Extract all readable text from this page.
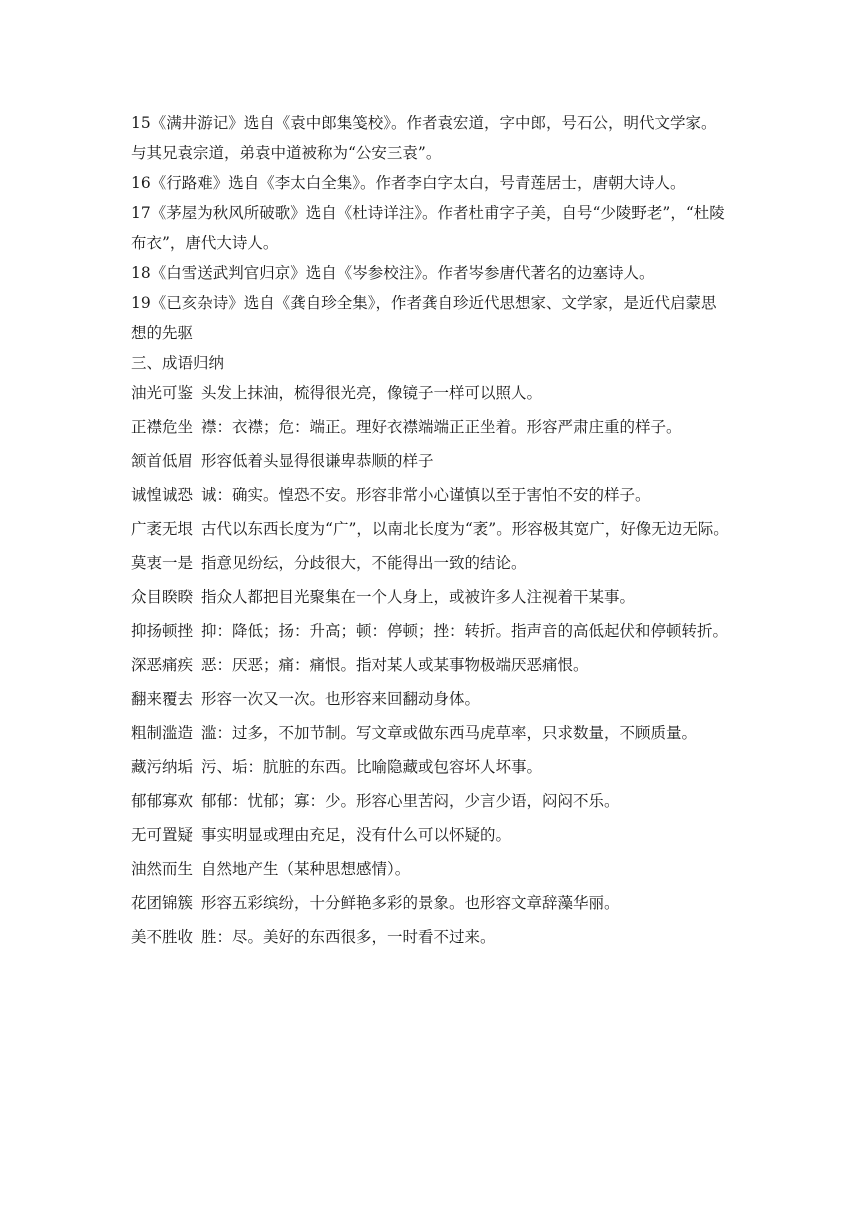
15《满井游记》选自《袁中郎集笺校》。作者袁宏道，字中郎，号石公，明代文学家。与其兄袁宗道，弟袁中道被称为“公安三袁”。

16《行路难》选自《李太白全集》。作者李白字太白，号青莲居士，唐朝大诗人。

17《茅屋为秋风所破歌》选自《杜诗详注》。作者杜甫字子美，自号“少陵野老”，“杜陵布衣”，唐代大诗人。

18《白雪送武判官归京》选自《岑参校注》。作者岑参唐代著名的边塞诗人。

19《已亥杂诗》选自《龚自珍全集》，作者龚自珍近代思想家、文学家，是近代启蒙思想的先驱

三、成语归纳

油光可鉴 头发上抹油，梳得很光亮，像镜子一样可以照人。

正襟危坐 襟：衣襟；危：端正。理好衣襟端端正正坐着。形容严肃庄重的样子。

颔首低眉 形容低着头显得很谦卑恭顺的样子

诚惶诚恐 诚：确实。惶恐不安。形容非常小心谨慎以至于害怕不安的样子。

广袤无垠 古代以东西长度为“广”，以南北长度为“袤”。形容极其宽广，好像无边无际。

莫衷一是 指意见纷纭，分歧很大，不能得出一致的结论。

众目睽睽 指众人都把目光聚集在一个人身上，或被许多人注视着干某事。

抑扬顿挫 抑：降低；扬：升高；顿：停顿；挫：转折。指声音的高低起伏和停顿转折。

深恶痛疾 恶：厌恶；痛：痛恨。指对某人或某事物极端厌恶痛恨。

翻来覆去 形容一次又一次。也形容来回翻动身体。

粗制滥造 滥：过多，不加节制。写文章或做东西马虎草率，只求数量，不顾质量。

藏污纳垢 污、垢：肮脏的东西。比喻隐藏或包容坏人坏事。

郁郁寡欢 郁郁：忧郁；寡：少。形容心里苦闷，少言少语，闷闷不乐。

无可置疑 事实明显或理由充足，没有什么可以怀疑的。

油然而生 自然地产生（某种思想感情）。

花团锦簇 形容五彩缤纷，十分鲜艳多彩的景象。也形容文章辞藻华丽。

美不胜收 胜：尽。美好的东西很多，一时看不过来。
